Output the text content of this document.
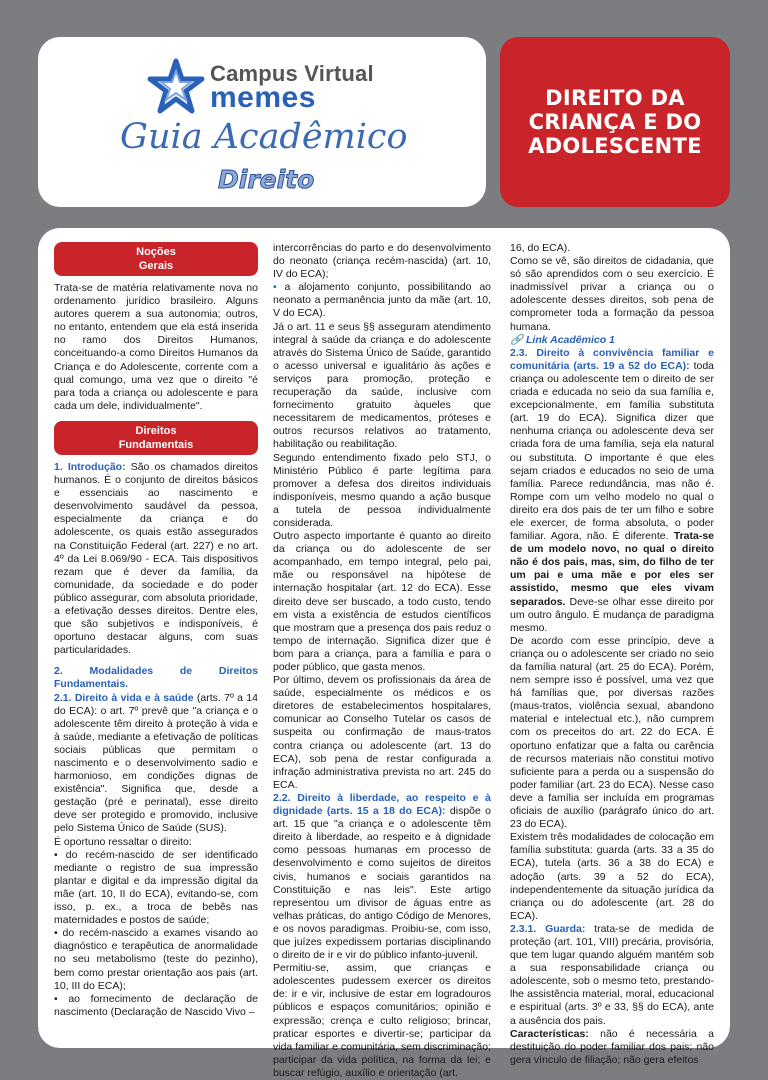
Campus Virtual
memes
Guia Acadêmico
Direito
DIREITO DA
CRIANÇA E DO
ADOLESCENTE
Noções
Gerais

Trata-se de matéria relativamente nova no ordenamento jurídico brasileiro. Alguns autores querem a sua autonomia; outros, no entanto, entendem que ela está inserida no ramo dos Direitos Humanos, conceituando-a como Direitos Humanos da Criança e do Adolescente, corrente com a qual comungo, uma vez que o direito "é para toda a criança ou adolescente e para cada um dele, individualmente".

Direitos
Fundamentais

1. Introdução: São os chamados direitos humanos. É o conjunto de direitos básicos e essenciais ao nascimento e desenvolvimento saudável da pessoa, especialmente da criança e do adolescente, os quais estão assegurados na Constituição Federal (art. 227) e no art. 4º da Lei 8.069/90 - ECA. Tais dispositivos rezam que é dever da família, da comunidade, da sociedade e do poder público assegurar, com absoluta prioridade, a efetivação desses direitos. Dentre eles, que são subjetivos e indisponíveis, é oportuno destacar alguns, com suas particularidades.

2. Modalidades de Direitos Fundamentais.

2.1. Direito à vida e à saúde (arts. 7º a 14 do ECA): o art. 7º prevê que "a criança e o adolescente têm direito à proteção à vida e à saúde, mediante a efetivação de políticas sociais públicas que permitam o nascimento e o desenvolvimento sadio e harmonioso, em condições dignas de existência". Significa que, desde a gestação (pré e perinatal), esse direito deve ser protegido e promovido, inclusive pelo Sistema Único de Saúde (SUS).

É oportuno ressaltar o direito:

• do recém-nascido de ser identificado mediante o registro de sua impressão plantar e digital e da impressão digital da mãe (art. 10, II do ECA), evitando-se, com isso, p. ex., a troca de bebês nas maternidades e postos de saúde;

• do recém-nascido a exames visando ao diagnóstico e terapêutica de anormalidade no seu metabolismo (teste do pezinho), bem como prestar orientação aos pais (art. 10, III do ECA);

• ao fornecimento de declaração de nascimento (Declaração de Nascido Vivo –

intercorrências do parto e do desenvolvimento do neonato (criança recém-nascida) (art. 10, IV do ECA);

• a alojamento conjunto, possibilitando ao neonato a permanência junto da mãe (art. 10, V do ECA).

Já o art. 11 e seus §§ asseguram atendimento integral à saúde da criança e do adolescente através do Sistema Único de Saúde, garantido o acesso universal e igualitário às ações e serviços para promoção, proteção e recuperação da saúde, inclusive com fornecimento gratuito àqueles que necessitarem de medicamentos, próteses e outros recursos relativos ao tratamento, habilitação ou reabilitação.

Segundo entendimento fixado pelo STJ, o Ministério Público é parte legítima para promover a defesa dos direitos individuais indisponíveis, mesmo quando a ação busque a tutela de pessoa individualmente considerada.

Outro aspecto importante é quanto ao direito da criança ou do adolescente de ser acompanhado, em tempo integral, pelo pai, mãe ou responsável na hipótese de internação hospitalar (art. 12 do ECA). Esse direito deve ser buscado, a todo custo, tendo em vista a existência de estudos científicos que mostram que a presença dos pais reduz o tempo de internação. Significa dizer que é bom para a criança, para a família e para o poder público, que gasta menos.

Por último, devem os profissionais da área de saúde, especialmente os médicos e os diretores de estabelecimentos hospitalares, comunicar ao Conselho Tutelar os casos de suspeita ou confirmação de maus-tratos contra criança ou adolescente (art. 13 do ECA), sob pena de restar configurada a infração administrativa prevista no art. 245 do ECA.

2.2. Direito à liberdade, ao respeito e à dignidade (arts. 15 a 18 do ECA): dispõe o art. 15 que "a criança e o adolescente têm direito à liberdade, ao respeito e à dignidade como pessoas humanas em processo de desenvolvimento e como sujeitos de direitos civis, humanos e sociais garantidos na Constituição e nas leis". Este artigo representou um divisor de águas entre as velhas práticas, do antigo Código de Menores, e os novos paradigmas. Proibiu-se, com isso, que juízes expedissem portarias disciplinando o direito de ir e vir do público infanto-juvenil.

Permitiu-se, assim, que crianças e adolescentes pudessem exercer os direitos de: ir e vir, inclusive de estar em logradouros públicos e espaços comunitários; opinião e expressão; crença e culto religioso; brincar, praticar esportes e divertir-se; participar da vida familiar e comunitária, sem discriminação; participar da vida política, na forma da lei; e buscar refúgio, auxílio e orientação (art.

16, do ECA).

Como se vê, são direitos de cidadania, que só são aprendidos com o seu exercício. É inadmissível privar a criança ou o adolescente desses direitos, sob pena de comprometer toda a formação da pessoa humana.

🔗 Link Acadêmico 1

2.3. Direito à convivência familiar e comunitária (arts. 19 a 52 do ECA): toda criança ou adolescente tem o direito de ser criada e educada no seio da sua família e, excepcionalmente, em família substituta (art. 19 do ECA). Significa dizer que nenhuma criança ou adolescente deva ser criada fora de uma família, seja ela natural ou substituta. O importante é que eles sejam criados e educados no seio de uma família. Parece redundância, mas não é. Rompe com um velho modelo no qual o direito era dos pais de ter um filho e sobre ele exercer, de forma absoluta, o poder familiar. Agora, não. É diferente. Trata-se de um modelo novo, no qual o direito não é dos pais, mas, sim, do filho de ter um pai e uma mãe e por eles ser assistido, mesmo que eles vivam separados. Deve-se olhar esse direito por um outro ângulo. É mudança de paradigma mesmo.

De acordo com esse princípio, deve a criança ou o adolescente ser criado no seio da família natural (art. 25 do ECA). Porém, nem sempre isso é possível, uma vez que há famílias que, por diversas razões (maus-tratos, violência sexual, abandono material e intelectual etc.), não cumprem com os preceitos do art. 22 do ECA. É oportuno enfatizar que a falta ou carência de recursos materiais não constitui motivo suficiente para a perda ou a suspensão do poder familiar (art. 23 do ECA). Nesse caso deve a família ser incluída em programas oficiais de auxílio (parágrafo único do art. 23 do ECA).

Existem três modalidades de colocação em família substituta: guarda (arts. 33 a 35 do ECA), tutela (arts. 36 a 38 do ECA) e adoção (arts. 39 a 52 do ECA), independentemente da situação jurídica da criança ou do adolescente (art. 28 do ECA).

2.3.1. Guarda: trata-se de medida de proteção (art. 101, VIII) precária, provisória, que tem lugar quando alguém mantém sob a sua responsabilidade criança ou adolescente, sob o mesmo teto, prestando-lhe assistência material, moral, educacional e espiritual (arts. 3º e 33, §§ do ECA), ante a ausência dos pais.

Características: não é necessária a destituição do poder familiar dos pais; não gera vínculo de filiação; não gera efeitos
